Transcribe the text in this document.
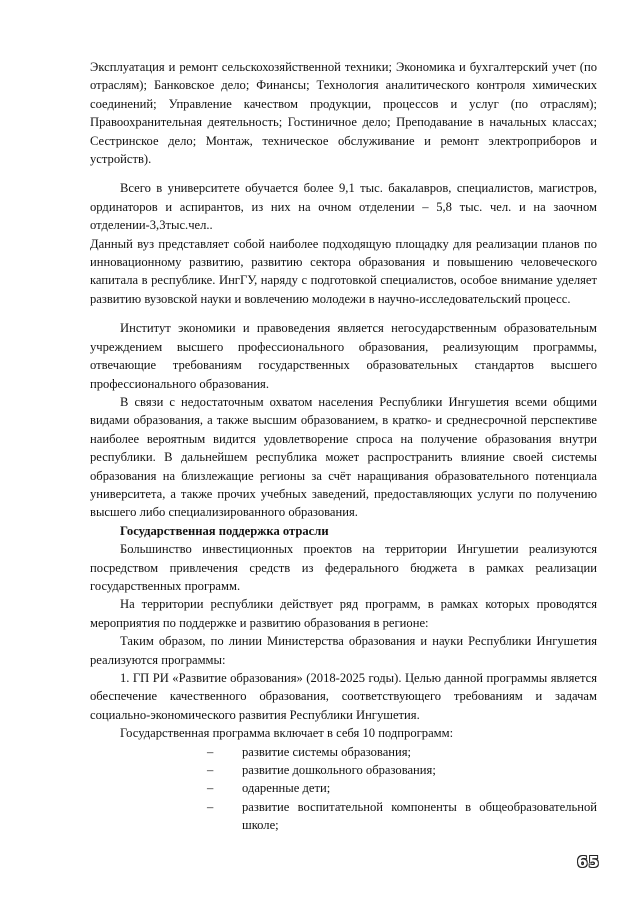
Эксплуатация и ремонт сельскохозяйственной техники; Экономика и бухгалтерский учет (по отраслям); Банковское дело; Финансы; Технология аналитического контроля химических соединений; Управление качеством продукции, процессов и услуг (по отраслям); Правоохранительная деятельность; Гостиничное дело; Преподавание в начальных классах; Сестринское дело; Монтаж, техническое обслуживание и ремонт электроприборов и устройств).

Всего в университете обучается более 9,1 тыс. бакалавров, специалистов, магистров, ординаторов и аспирантов, из них на очном отделении – 5,8 тыс. чел. и на заочном отделении-3,3тыс.чел..

Данный вуз представляет собой наиболее подходящую площадку для реализации планов по инновационному развитию, развитию сектора образования и повышению человеческого капитала в республике. ИнгГУ, наряду с подготовкой специалистов, особое внимание уделяет развитию вузовской науки и вовлечению молодежи в научно-исследовательский процесс.

Институт экономики и правоведения является негосударственным образовательным учреждением высшего профессионального образования, реализующим программы, отвечающие требованиям государственных образовательных стандартов высшего профессионального образования.

В связи с недостаточным охватом населения Республики Ингушетия всеми общими видами образования, а также высшим образованием, в кратко- и среднесрочной перспективе наиболее вероятным видится удовлетворение спроса на получение образования внутри республики. В дальнейшем республика может распространить влияние своей системы образования на близлежащие регионы за счёт наращивания образовательного потенциала университета, а также прочих учебных заведений, предоставляющих услуги по получению высшего либо специализированного образования.

Государственная поддержка отрасли

Большинство инвестиционных проектов на территории Ингушетии реализуются посредством привлечения средств из федерального бюджета в рамках реализации государственных программ.

На территории республики действует ряд программ, в рамках которых проводятся мероприятия по поддержке и развитию образования в регионе:

Таким образом, по линии Министерства образования и науки Республики Ингушетия реализуются программы:

1. ГП РИ «Развитие образования» (2018-2025 годы). Целью данной программы является обеспечение качественного образования, соответствующего требованиям и задачам социально-экономического развития Республики Ингушетия.

Государственная программа включает в себя 10 подпрограмм:

– развитие системы образования;
– развитие дошкольного образования;
– одаренные дети;
– развитие воспитательной компоненты в общеобразовательной школе;
65
